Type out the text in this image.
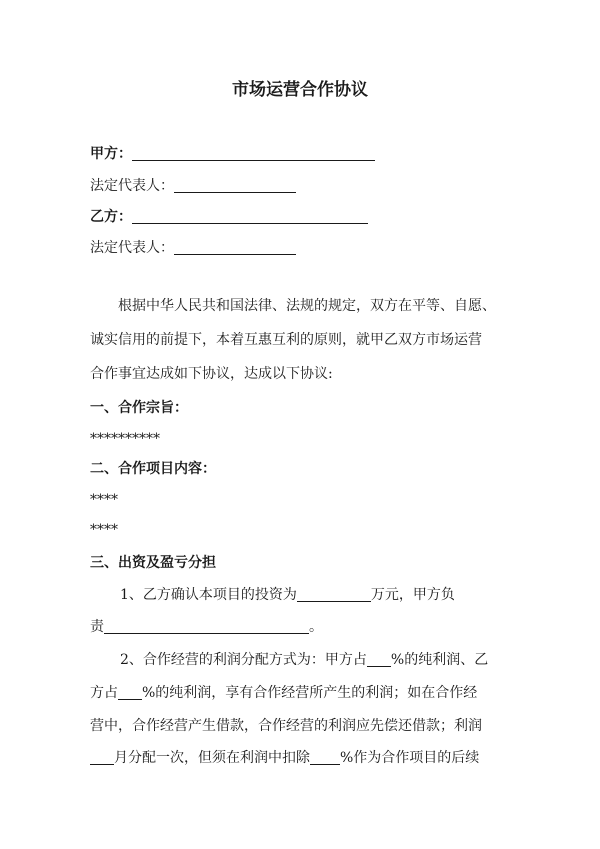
市场运营合作协议
甲方：
法定代表人：
乙方：
法定代表人：
根据中华人民共和国法律、法规的规定，双方在平等、自愿、
诚实信用的前提下，本着互惠互利的原则，就甲乙双方市场运营
合作事宜达成如下协议，达成以下协议:
一、合作宗旨：
**********
二、合作项目内容：
****
****
三、出资及盈亏分担
1、乙方确认本项目的投资为	万元，甲方负
责	。
2、合作经营的利润分配方式为：甲方占 %的纯利润、乙
方占 %的纯利润，享有合作经营所产生的利润；如在合作经
营中，合作经营产生借款，合作经营的利润应先偿还借款；利润
月分配一次，但须在利润中扣除 %作为合作项目的后续
